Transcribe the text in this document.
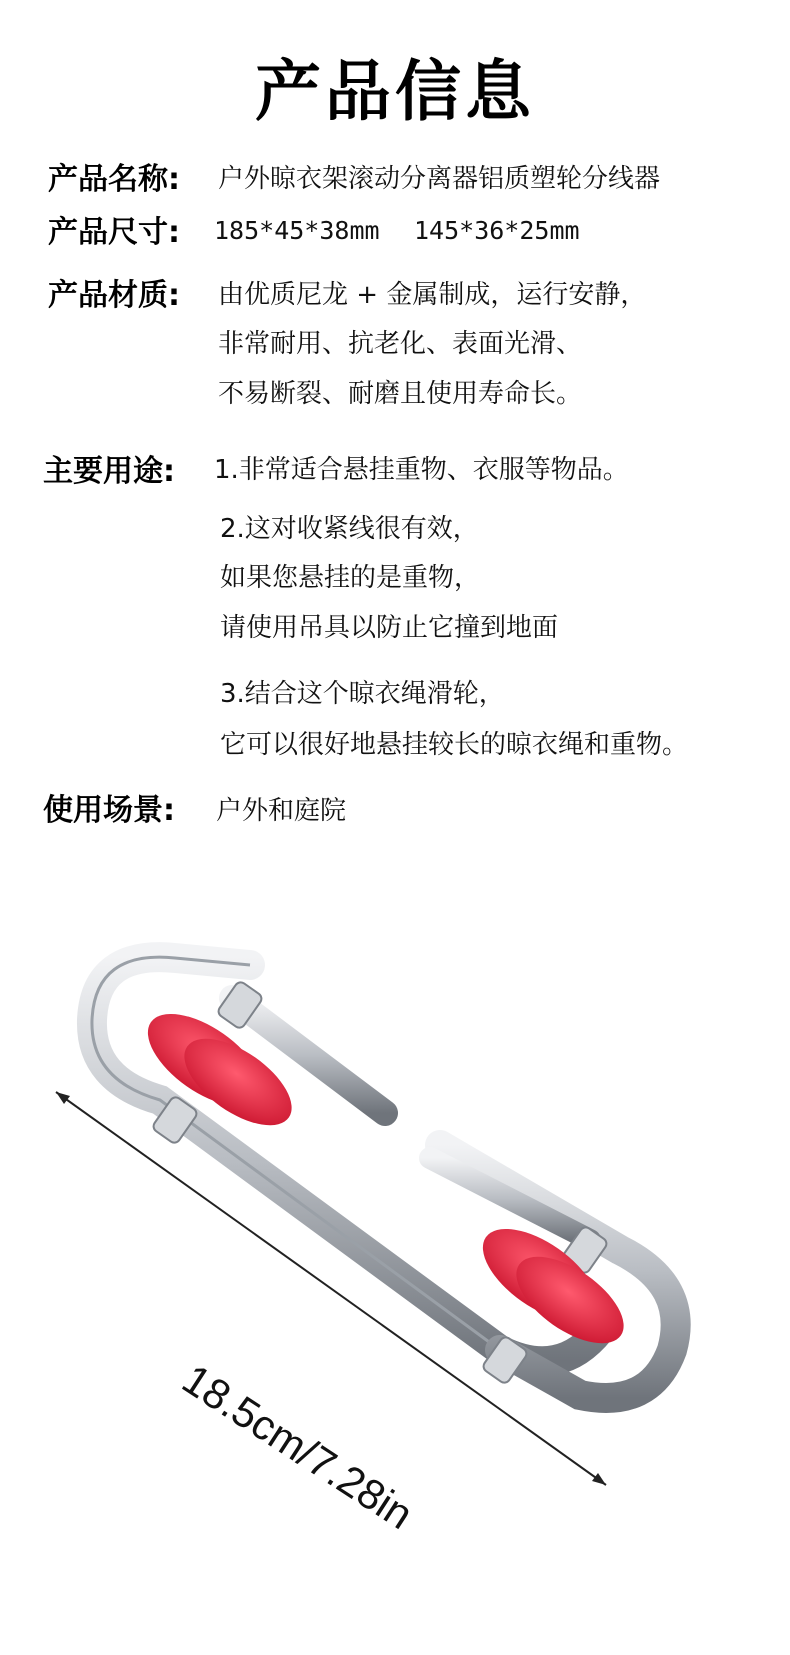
产品信息
产品名称: 户外晾衣架滚动分离器铝质塑轮分线器
产品尺寸: 185*45*38mm 145*36*25mm
产品材质: 由优质尼龙 + 金属制成，运行安静，
非常耐用、抗老化、表面光滑、
不易断裂、耐磨且使用寿命长。
主要用途: 1.非常适合悬挂重物、衣服等物品。
2.这对收紧线很有效，
如果您悬挂的是重物，
请使用吊具以防止它撞到地面
3.结合这个晾衣绳滑轮，
它可以很好地悬挂较长的晾衣绳和重物。
使用场景: 户外和庭院
18.5cm/7.28in
